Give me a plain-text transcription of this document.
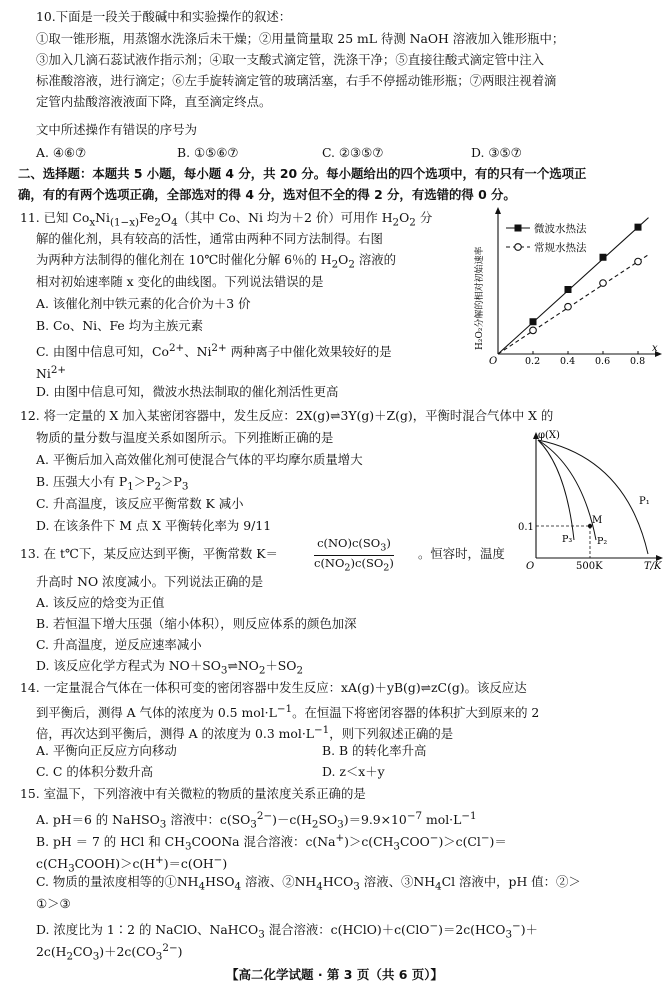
10.下面是一段关于酸碱中和实验操作的叙述：
①取一锥形瓶，用蒸馏水洗涤后未干燥；②用量筒量取 25 mL 待测 NaOH 溶液加入锥形瓶中；
③加入几滴石蕊试液作指示剂；④取一支酸式滴定管，洗涤干净；⑤直接往酸式滴定管中注入
标准酸溶液，进行滴定；⑥左手旋转滴定管的玻璃活塞，右手不停摇动锥形瓶；⑦两眼注视着滴
定管内盐酸溶液液面下降，直至滴定终点。
文中所述操作有错误的序号为
A. ④⑥⑦	B. ①⑤⑥⑦	C. ②③⑤⑦	D. ③⑤⑦
二、选择题：本题共 5 小题，每小题 4 分，共 20 分。每小题给出的四个选项中，有的只有一个选项正
确，有的有两个选项正确，全部选对的得 4 分，选对但不全的得 2 分，有选错的得 0 分。
11. 已知 $Co_xNi_{(1-x)}Fe_2O_4$（其中 Co、Ni 均为＋2 价）可用作 $H_2O_2$ 分
解的催化剂，具有较高的活性，通常由两种不同方法制得。右图
为两种方法制得的催化剂在 10℃时催化分解 6％的 $H_2O_2$ 溶液的
相对初始速率随 x 变化的曲线图。下列说法错误的是
A. 该催化剂中铁元素的化合价为＋3 价
B. Co、Ni、Fe 均为主族元素
C. 由图中信息可知，$Co^{2+}$、$Ni^{2+}$ 两种离子中催化效果较好的是
$Ni^{2+}$
D. 由图中信息可知，微波水热法制取的催化剂活性更高
O
x
H₂O₂分解的相对初始速率
0.2 0.4 0.6 0.8
微波水热法
常规水热法
12. 将一定量的 X 加入某密闭容器中，发生反应：2X(g)⇌3Y(g)＋Z(g)，平衡时混合气体中 X 的
物质的量分数与温度关系如图所示。下列推断正确的是
A. 平衡后加入高效催化剂可使混合气体的平均摩尔质量增大
B. 压强大小有 $P_1>P_2>P_3$
C. 升高温度，该反应平衡常数 K 减小
D. 在该条件下 M 点 X 平衡转化率为 9/11
φ(X)
O	T/K
500K
0.1
M
P₁
P₂
P₃
13. 在 t℃下，某反应达到平衡，平衡常数 K＝	$\frac{c(NO)c(SO_3)}{c(NO_2)c(SO_2)}$ 。恒容时，温度
升高时 NO 浓度减小。下列说法正确的是
A. 该反应的焓变为正值
B. 若恒温下增大压强（缩小体积），则反应体系的颜色加深
C. 升高温度，逆反应速率减小
D. 该反应化学方程式为 $NO+SO_3\rightleftharpoons NO_2+SO_2$
14. 一定量混合气体在一体积可变的密闭容器中发生反应：xA(g)＋yB(g)⇌zC(g)。该反应达
到平衡后，测得 A 气体的浓度为 0.5 $mol\cdot L^{-1}$。在恒温下将密闭容器的体积扩大到原来的 2
倍，再次达到平衡后，测得 A 的浓度为 0.3 $mol\cdot L^{-1}$，则下列叙述正确的是
A. 平衡向正反应方向移动	B. B 的转化率升高
C. C 的体积分数升高	D. z＜x＋y
15. 室温下，下列溶液中有关微粒的物质的量浓度关系正确的是
A. pH＝6 的 NaHSO$_3$ 溶液中：$c(SO_3^{2-})-c(H_2SO_3)=9.9\times 10^{-7}$ $mol\cdot L^{-1}$
B. pH ＝ 7 的 HCl 和 $CH_3COONa$ 混合溶液：$c(Na^+)>c(CH_3COO^-)>c(Cl^-)=$
$c(CH_3COOH)>c(H^+)=c(OH^-)$
C. 物质的量浓度相等的$①NH_4HSO_4$ 溶液、$②NH_4HCO_3$ 溶液、$③NH_4Cl$ 溶液中，pH 值：②＞
①＞③
D. 浓度比为 1∶2 的 NaClO、NaHCO$_3$ 混合溶液：$c(HClO)+c(ClO^-)=2c(HCO_3^-)+$
$2c(H_2CO_3)+2c(CO_3^{2-})$
【高二化学试题 · 第 3 页（共 6 页）】
